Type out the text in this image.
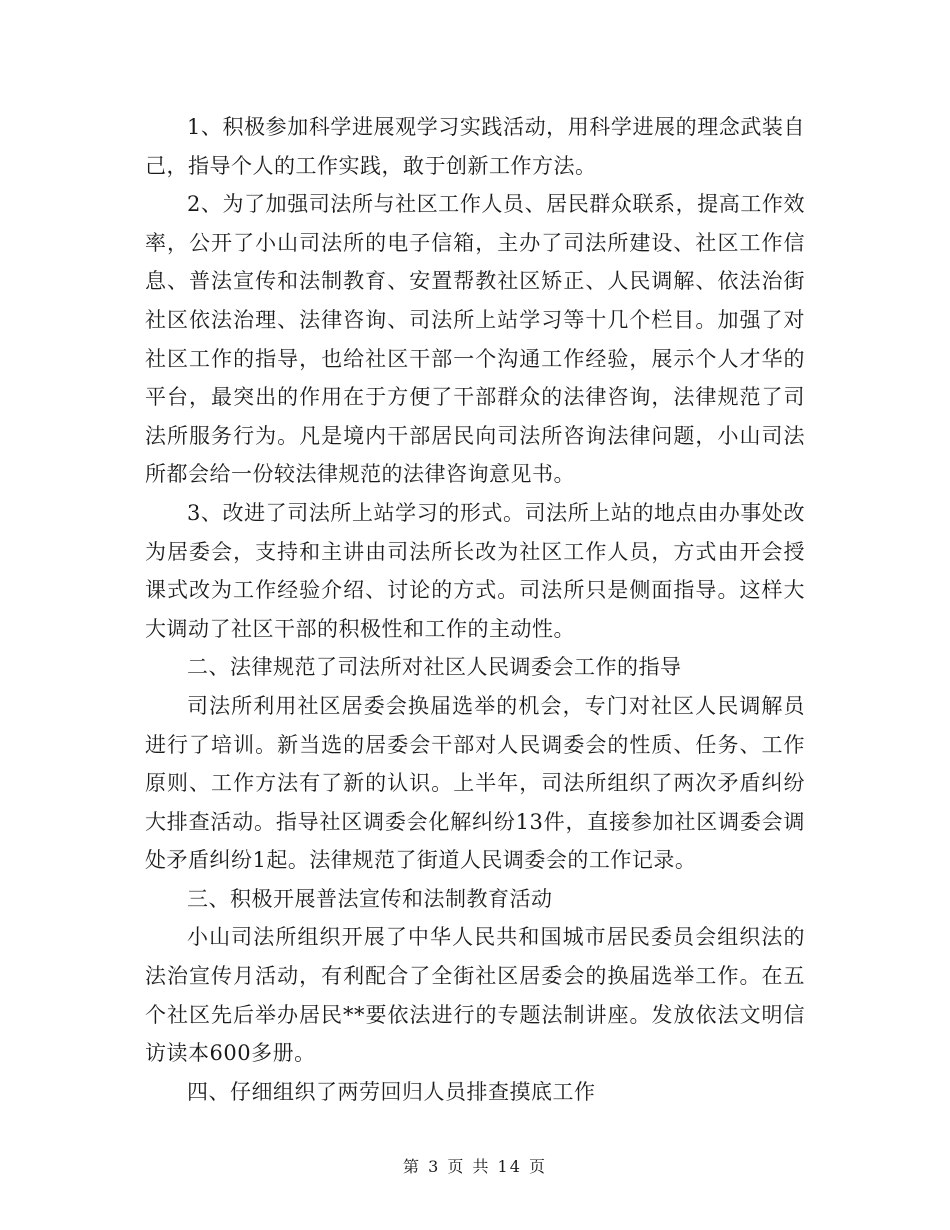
1、积极参加科学进展观学习实践活动，用科学进展的理念武装自己，指导个人的工作实践，敢于创新工作方法。

2、为了加强司法所与社区工作人员、居民群众联系，提高工作效率，公开了小山司法所的电子信箱，主办了司法所建设、社区工作信息、普法宣传和法制教育、安置帮教社区矫正、人民调解、依法治街社区依法治理、法律咨询、司法所上站学习等十几个栏目。加强了对社区工作的指导，也给社区干部一个沟通工作经验，展示个人才华的平台，最突出的作用在于方便了干部群众的法律咨询，法律规范了司法所服务行为。凡是境内干部居民向司法所咨询法律问题，小山司法所都会给一份较法律规范的法律咨询意见书。

3、改进了司法所上站学习的形式。司法所上站的地点由办事处改为居委会，支持和主讲由司法所长改为社区工作人员，方式由开会授课式改为工作经验介绍、讨论的方式。司法所只是侧面指导。这样大大调动了社区干部的积极性和工作的主动性。

二、法律规范了司法所对社区人民调委会工作的指导

司法所利用社区居委会换届选举的机会，专门对社区人民调解员进行了培训。新当选的居委会干部对人民调委会的性质、任务、工作原则、工作方法有了新的认识。上半年，司法所组织了两次矛盾纠纷大排查活动。指导社区调委会化解纠纷13件，直接参加社区调委会调处矛盾纠纷1起。法律规范了街道人民调委会的工作记录。

三、积极开展普法宣传和法制教育活动

小山司法所组织开展了中华人民共和国城市居民委员会组织法的法治宣传月活动，有利配合了全街社区居委会的换届选举工作。在五个社区先后举办居民**要依法进行的专题法制讲座。发放依法文明信访读本600多册。

四、仔细组织了两劳回归人员排查摸底工作

第 3 页 共 14 页
